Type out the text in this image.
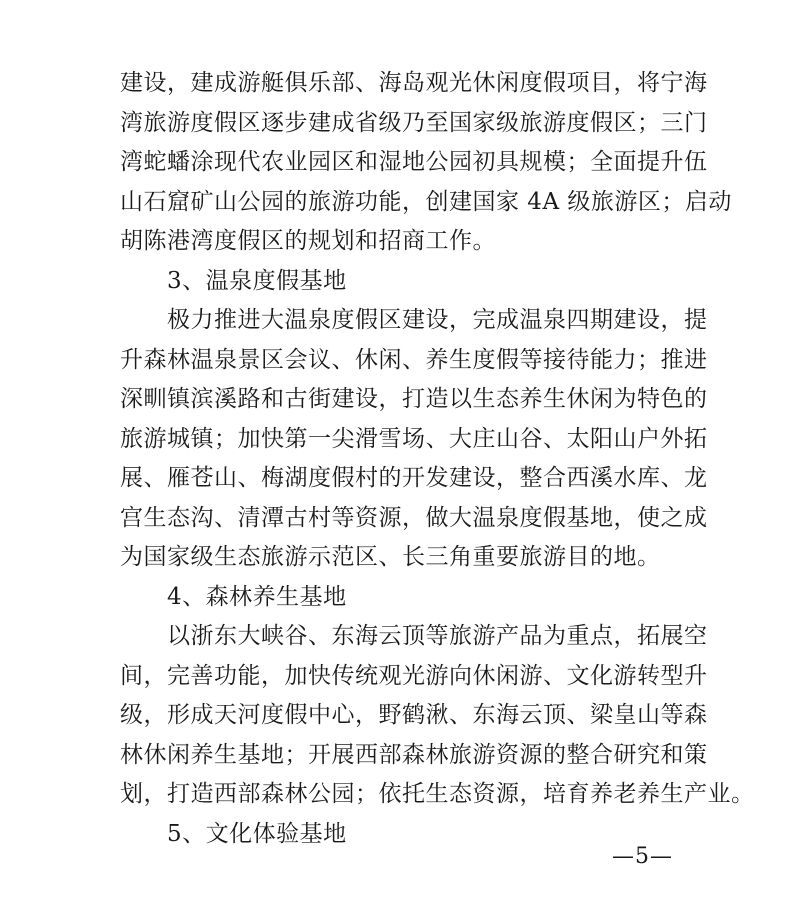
建设，建成游艇俱乐部、海岛观光休闲度假项目，将宁海
湾旅游度假区逐步建成省级乃至国家级旅游度假区；三门
湾蛇蟠涂现代农业园区和湿地公园初具规模；全面提升伍
山石窟矿山公园的旅游功能，创建国家 4A 级旅游区；启动
胡陈港湾度假区的规划和招商工作。
3、温泉度假基地
极力推进大温泉度假区建设，完成温泉四期建设，提
升森林温泉景区会议、休闲、养生度假等接待能力；推进
深甽镇滨溪路和古街建设，打造以生态养生休闲为特色的
旅游城镇；加快第一尖滑雪场、大庄山谷、太阳山户外拓
展、雁苍山、梅湖度假村的开发建设，整合西溪水库、龙
宫生态沟、清潭古村等资源，做大温泉度假基地，使之成
为国家级生态旅游示范区、长三角重要旅游目的地。
4、森林养生基地
以浙东大峡谷、东海云顶等旅游产品为重点，拓展空
间，完善功能，加快传统观光游向休闲游、文化游转型升
级，形成天河度假中心，野鹤湫、东海云顶、梁皇山等森
林休闲养生基地；开展西部森林旅游资源的整合研究和策
划，打造西部森林公园；依托生态资源，培育养老养生产业。
5、文化体验基地
—5—
